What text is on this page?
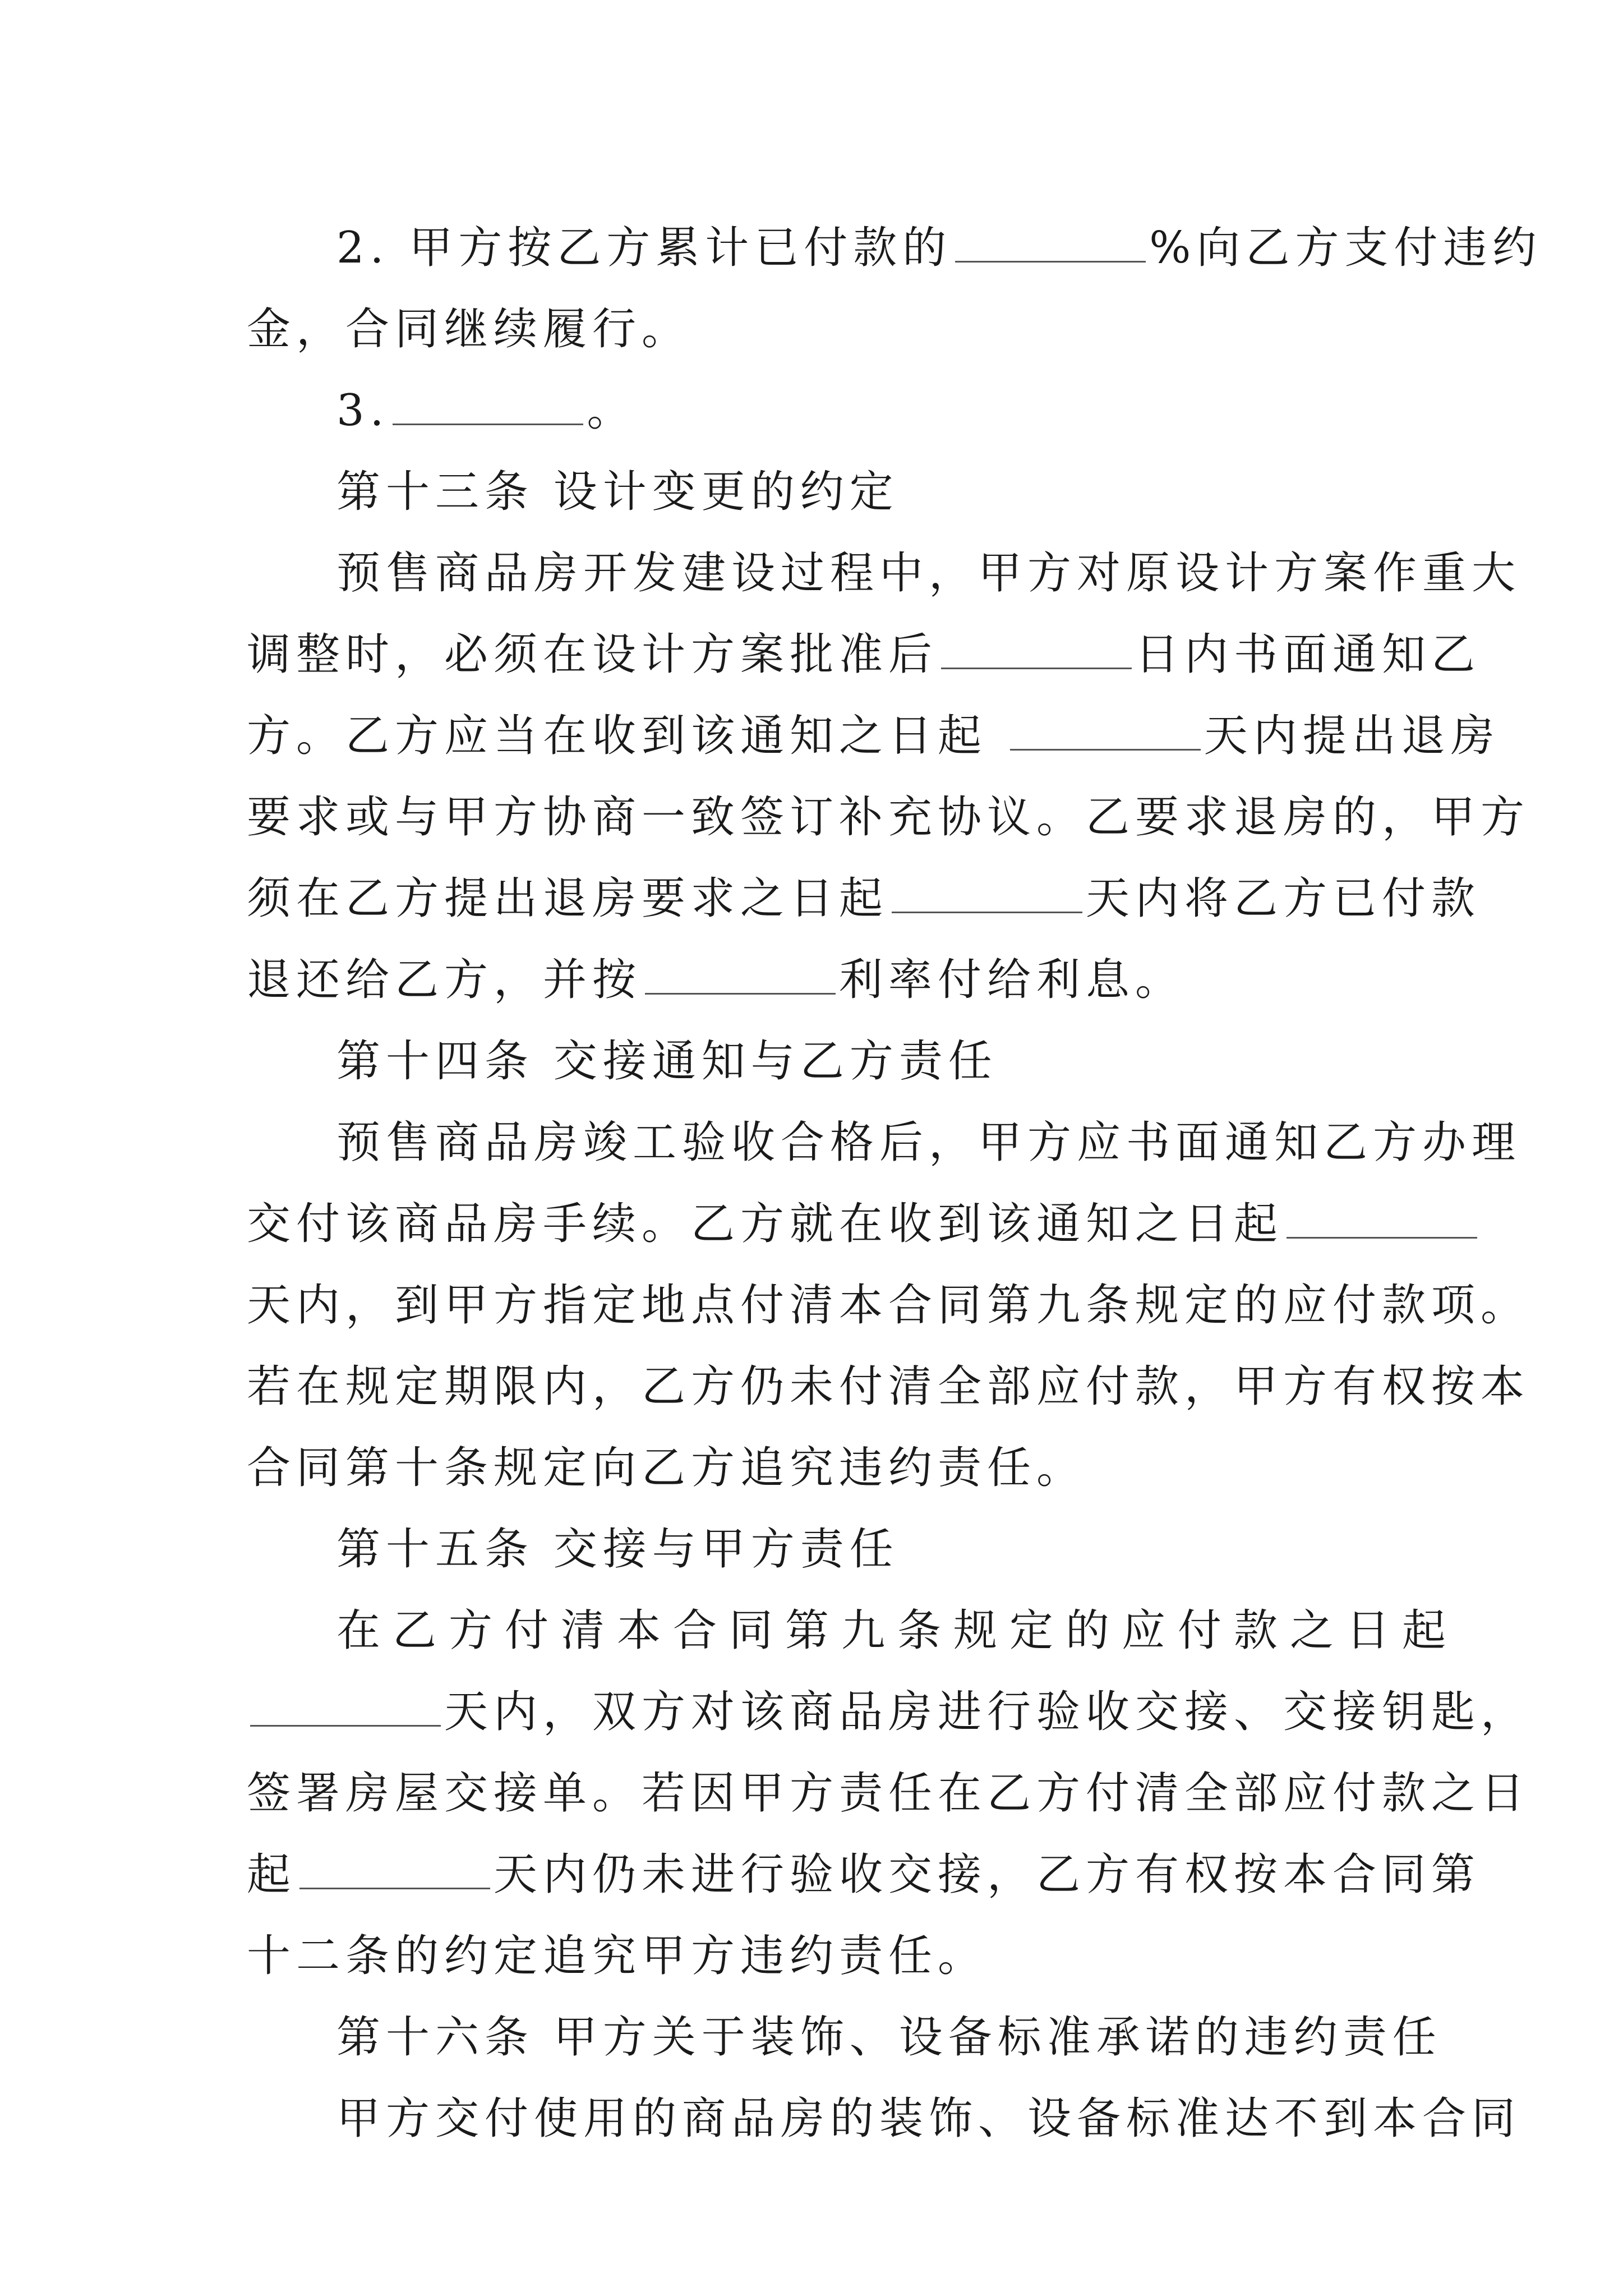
2. 甲方按乙方累计已付款的	%向乙方支付违约
金，合同继续履行。
3.	。
第十三条 设计变更的约定
预售商品房开发建设过程中，甲方对原设计方案作重大
调整时，必须在设计方案批准后	日内书面通知乙
方。乙方应当在收到该通知之日起	天内提出退房
要求或与甲方协商一致签订补充协议。乙要求退房的，甲方
须在乙方提出退房要求之日起	天内将乙方已付款
退还给乙方，并按	利率付给利息。
第十四条 交接通知与乙方责任
预售商品房竣工验收合格后，甲方应书面通知乙方办理
交付该商品房手续。乙方就在收到该通知之日起
天内，到甲方指定地点付清本合同第九条规定的应付款项。
若在规定期限内，乙方仍未付清全部应付款，甲方有权按本
合同第十条规定向乙方追究违约责任。
第十五条 交接与甲方责任
在乙方付清本合同第九条规定的应付款之日起
天内，双方对该商品房进行验收交接、交接钥匙，
签署房屋交接单。若因甲方责任在乙方付清全部应付款之日
起	天内仍未进行验收交接，乙方有权按本合同第
十二条的约定追究甲方违约责任。
第十六条 甲方关于装饰、设备标准承诺的违约责任
甲方交付使用的商品房的装饰、设备标准达不到本合同
